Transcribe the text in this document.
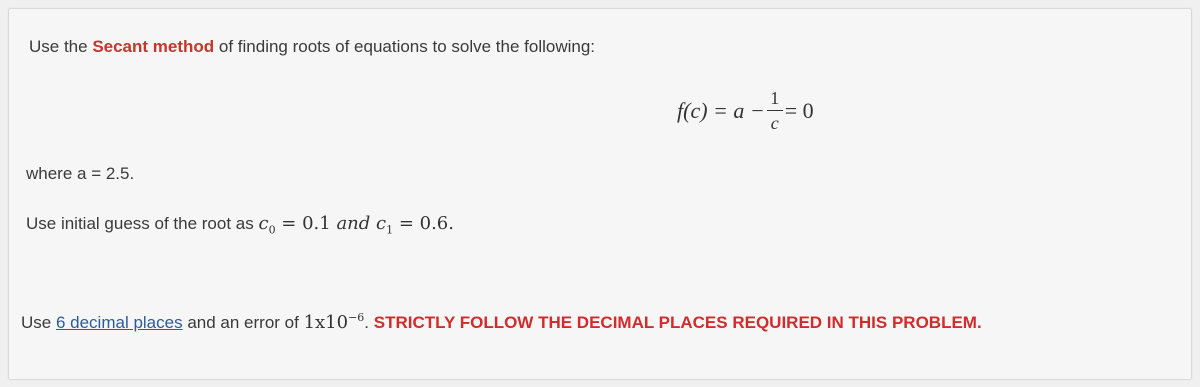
Use the Secant method of finding roots of equations to solve the following:
$f(c) = a - \frac{1}{c} = 0$
where a = 2.5.
Use initial guess of the root as $c_0 = 0.1$ and $c_1 = 0.6$.
Use 6 decimal places and an error of $1x10^{-6}$. STRICTLY FOLLOW THE DECIMAL PLACES REQUIRED IN THIS PROBLEM.
